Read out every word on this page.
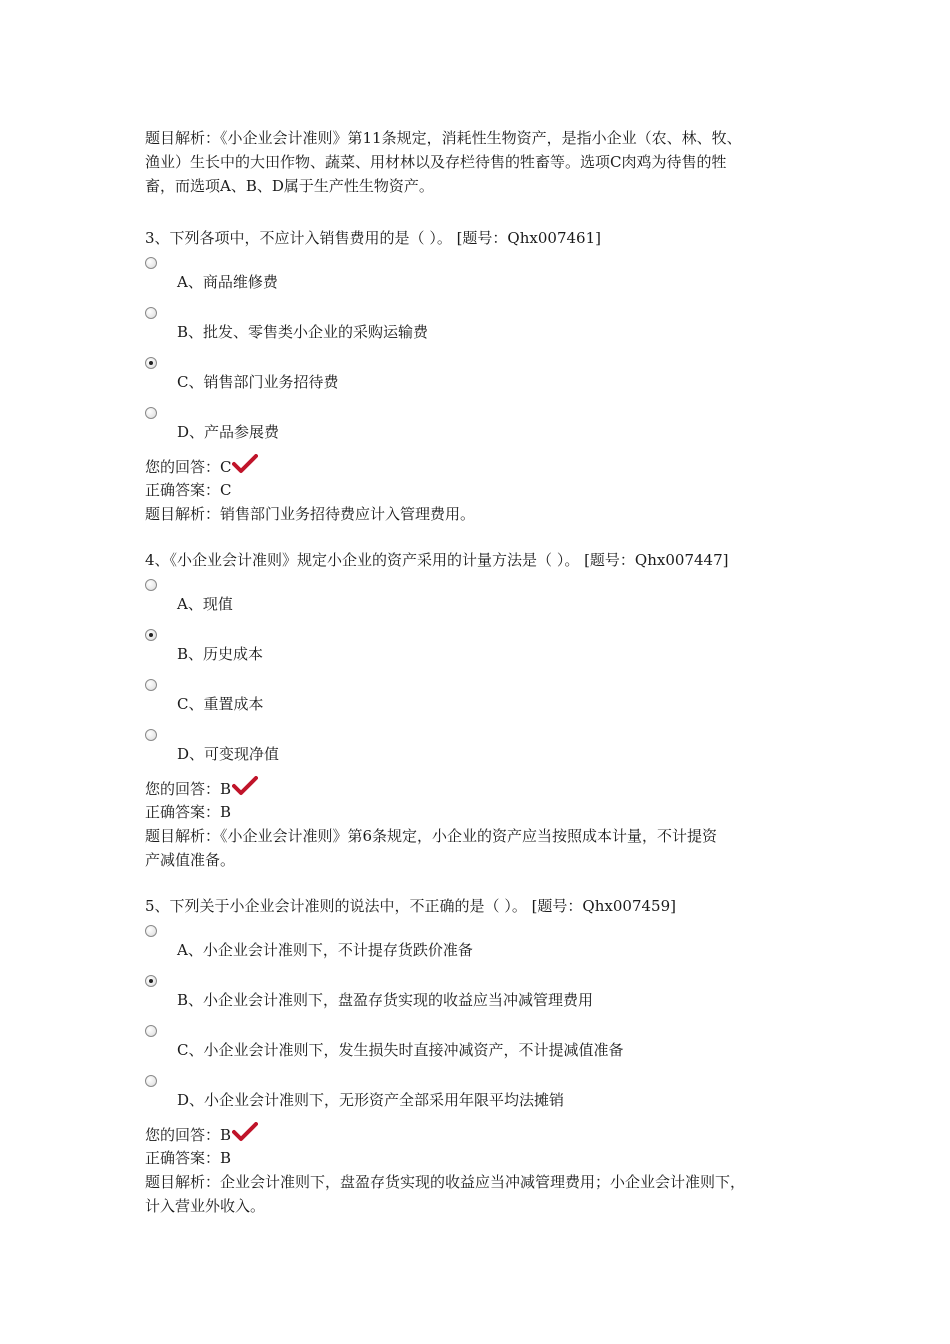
题目解析：《小企业会计准则》第11条规定，消耗性生物资产，是指小企业（农、林、牧、
渔业）生长中的大田作物、蔬菜、用材林以及存栏待售的牲畜等。选项C肉鸡为待售的牲
畜，而选项A、B、D属于生产性生物资产。
3、下列各项中，不应计入销售费用的是（ ）。 [题号：Qhx007461]
A、商品维修费
B、批发、零售类小企业的采购运输费
C、销售部门业务招待费
D、产品参展费
您的回答：C
正确答案：C
题目解析：销售部门业务招待费应计入管理费用。
4、《小企业会计准则》规定小企业的资产采用的计量方法是（ ）。 [题号：Qhx007447]
A、现值
B、历史成本
C、重置成本
D、可变现净值
您的回答：B
正确答案：B
题目解析：《小企业会计准则》第6条规定，小企业的资产应当按照成本计量，不计提资
产减值准备。
5、下列关于小企业会计准则的说法中，不正确的是（ ）。 [题号：Qhx007459]
A、小企业会计准则下，不计提存货跌价准备
B、小企业会计准则下，盘盈存货实现的收益应当冲减管理费用
C、小企业会计准则下，发生损失时直接冲减资产，不计提减值准备
D、小企业会计准则下，无形资产全部采用年限平均法摊销
您的回答：B
正确答案：B
题目解析：企业会计准则下，盘盈存货实现的收益应当冲减管理费用；小企业会计准则下，
计入营业外收入。
